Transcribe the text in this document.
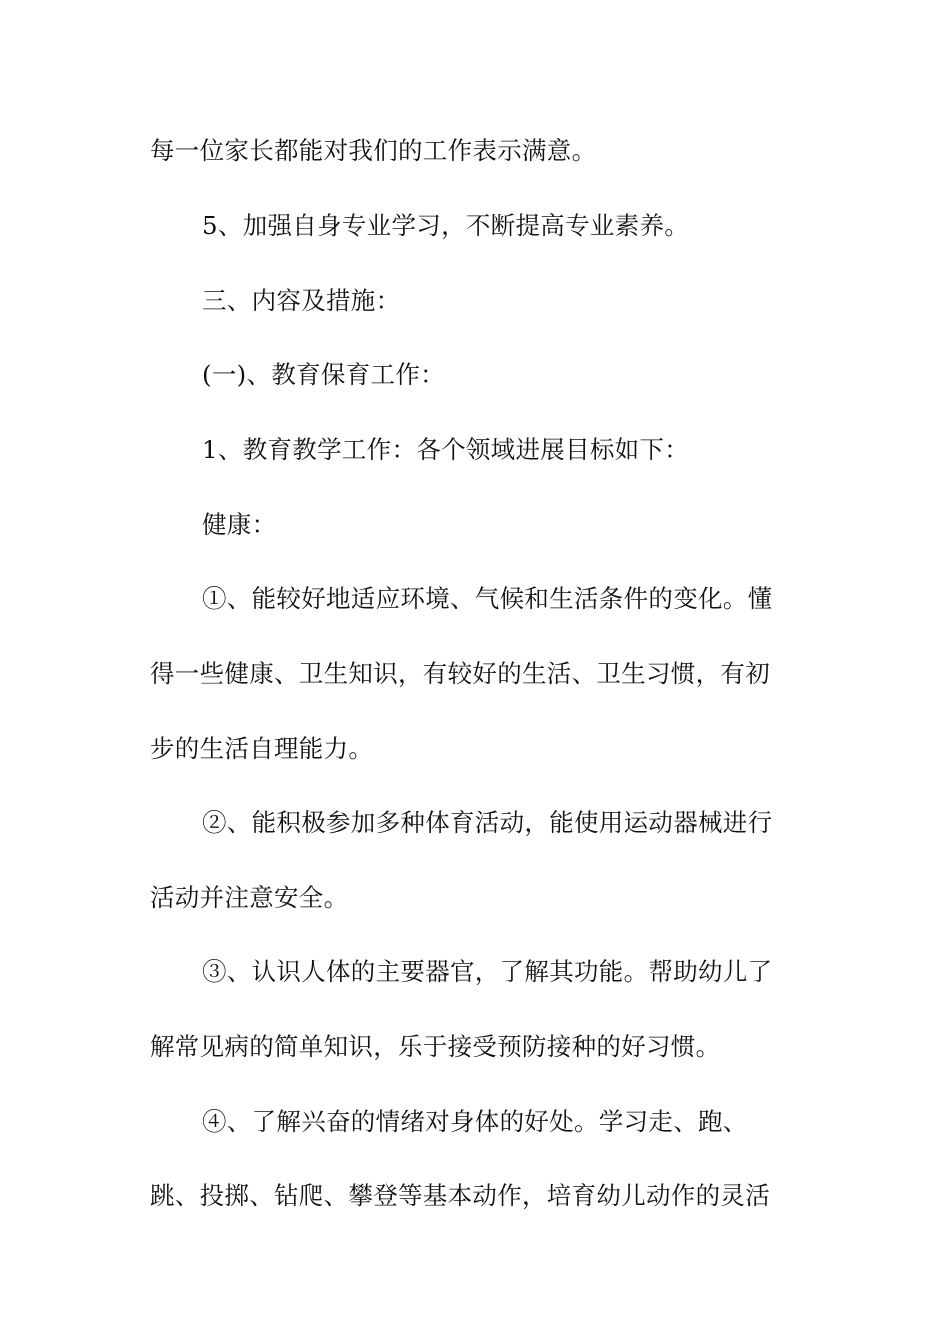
每一位家长都能对我们的工作表示满意。
5、加强自身专业学习，不断提高专业素养。
三、内容及措施：
(一)、教育保育工作：
1、教育教学工作：各个领域进展目标如下：
健康：
①、能较好地适应环境、气候和生活条件的变化。懂
得一些健康、卫生知识，有较好的生活、卫生习惯，有初
步的生活自理能力。
②、能积极参加多种体育活动，能使用运动器械进行
活动并注意安全。
③、认识人体的主要器官，了解其功能。帮助幼儿了
解常见病的简单知识，乐于接受预防接种的好习惯。
④、了解兴奋的情绪对身体的好处。学习走、跑、
跳、投掷、钻爬、攀登等基本动作，培育幼儿动作的灵活
